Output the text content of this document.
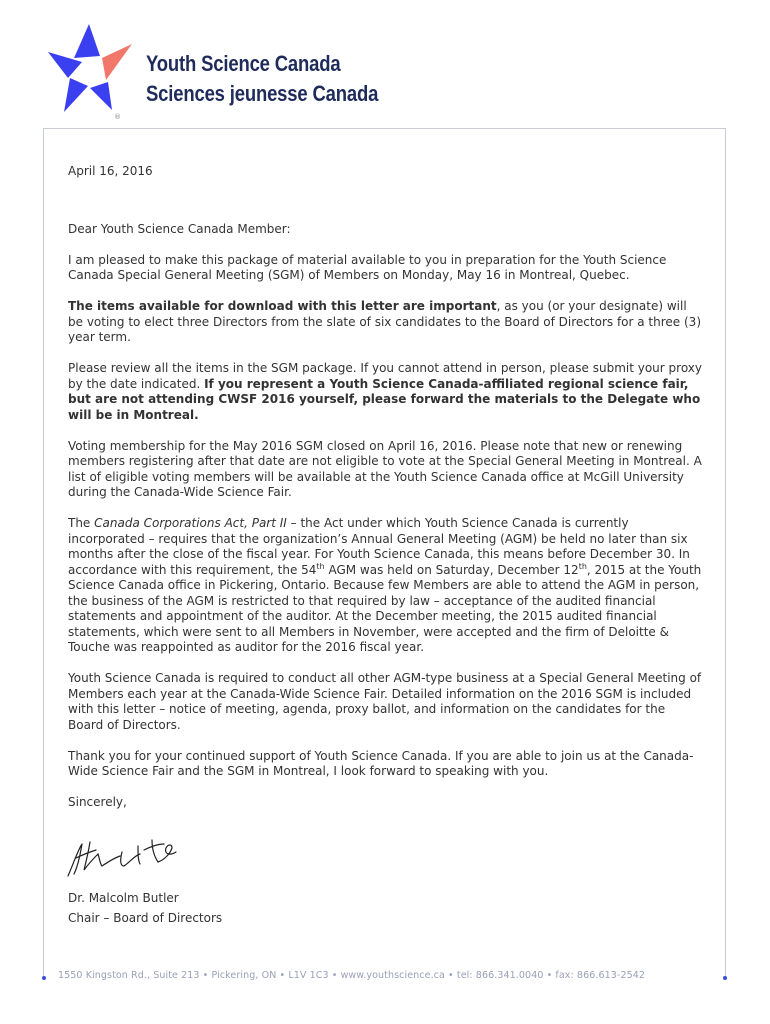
Youth Science Canada
Sciences jeunesse Canada
®

April 16, 2016

Dear Youth Science Canada Member:

I am pleased to make this package of material available to you in preparation for the Youth Science Canada Special General Meeting (SGM) of Members on Monday, May 16 in Montreal, Quebec.

The items available for download with this letter are important, as you (or your designate) will be voting to elect three Directors from the slate of six candidates to the Board of Directors for a three (3) year term.

Please review all the items in the SGM package. If you cannot attend in person, please submit your proxy by the date indicated. If you represent a Youth Science Canada-affiliated regional science fair, but are not attending CWSF 2016 yourself, please forward the materials to the Delegate who will be in Montreal.

Voting membership for the May 2016 SGM closed on April 16, 2016. Please note that new or renewing members registering after that date are not eligible to vote at the Special General Meeting in Montreal. A list of eligible voting members will be available at the Youth Science Canada office at McGill University during the Canada-Wide Science Fair.

The Canada Corporations Act, Part II – the Act under which Youth Science Canada is currently incorporated – requires that the organization’s Annual General Meeting (AGM) be held no later than six months after the close of the fiscal year. For Youth Science Canada, this means before December 30. In accordance with this requirement, the 54th AGM was held on Saturday, December 12th, 2015 at the Youth Science Canada office in Pickering, Ontario. Because few Members are able to attend the AGM in person, the business of the AGM is restricted to that required by law – acceptance of the audited financial statements and appointment of the auditor. At the December meeting, the 2015 audited financial statements, which were sent to all Members in November, were accepted and the firm of Deloitte & Touche was reappointed as auditor for the 2016 fiscal year.

Youth Science Canada is required to conduct all other AGM-type business at a Special General Meeting of Members each year at the Canada-Wide Science Fair. Detailed information on the 2016 SGM is included with this letter – notice of meeting, agenda, proxy ballot, and information on the candidates for the Board of Directors.

Thank you for your continued support of Youth Science Canada. If you are able to join us at the Canada-Wide Science Fair and the SGM in Montreal, I look forward to speaking with you.

Sincerely,

Dr. Malcolm Butler
Chair – Board of Directors
1550 Kingston Rd., Suite 213 • Pickering, ON • L1V 1C3 • www.youthscience.ca • tel: 866.341.0040 • fax: 866.613-2542
